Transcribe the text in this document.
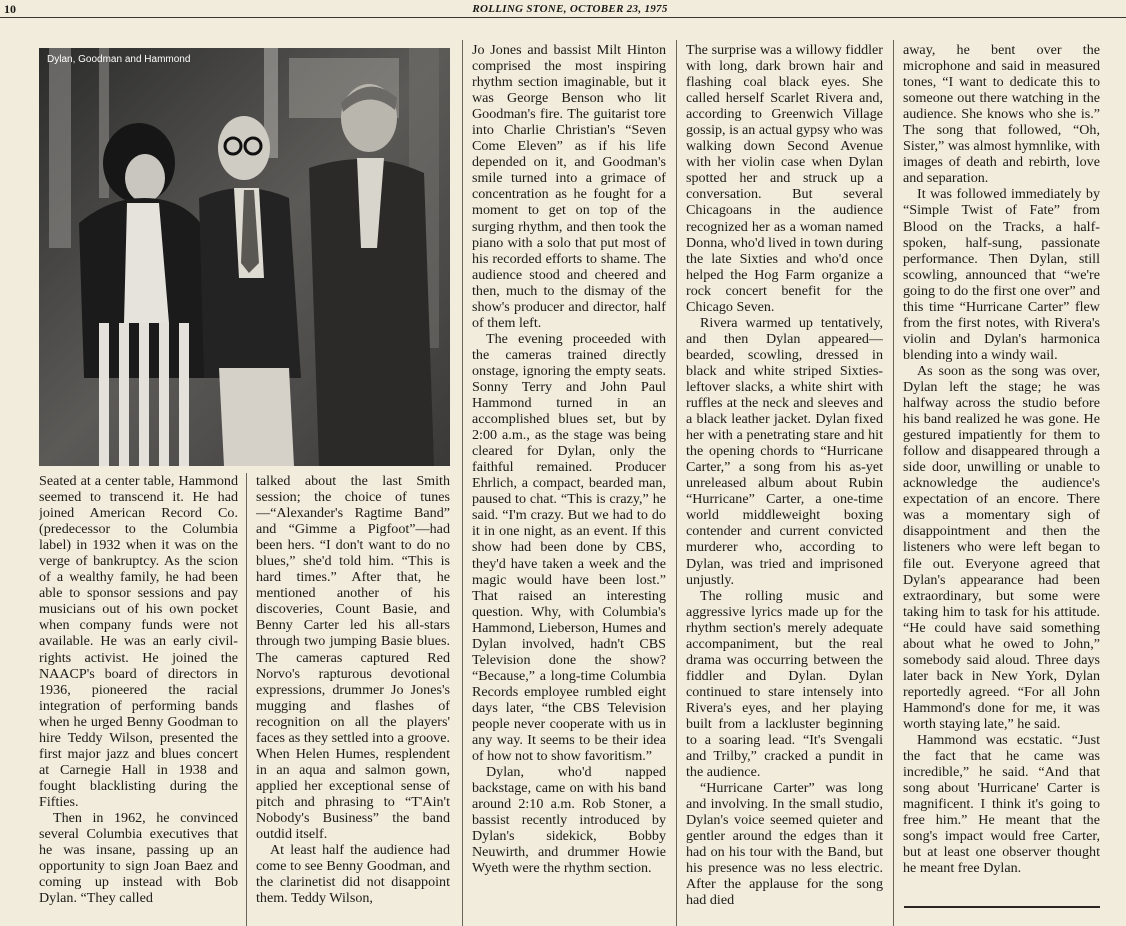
10	ROLLING STONE, OCTOBER 23, 1975
Dylan, Goodman and Hammond

Seated at a center table, Hammond seemed to transcend it. He had joined American Record Co. (predecessor to the Columbia label) in 1932 when it was on the verge of bankruptcy. As the scion of a wealthy family, he had been able to sponsor sessions and pay musicians out of his own pocket when company funds were not available. He was an early civil-rights activist. He joined the NAACP's board of directors in 1936, pioneered the racial integration of performing bands when he urged Benny Goodman to hire Teddy Wilson, presented the first major jazz and blues concert at Carnegie Hall in 1938 and fought blacklisting during the Fifties.

Then in 1962, he convinced several Columbia executives that he was insane, passing up an opportunity to sign Joan Baez and coming up instead with Bob Dylan. “They called

talked about the last Smith session; the choice of tunes—“Alexander's Ragtime Band” and “Gimme a Pigfoot”—had been hers. “I don't want to do no blues,” she'd told him. “This is hard times.” After that, he mentioned another of his discoveries, Count Basie, and Benny Carter led his all-stars through two jumping Basie blues. The cameras captured Red Norvo's rapturous devotional expressions, drummer Jo Jones's mugging and flashes of recognition on all the players' faces as they settled into a groove. When Helen Humes, resplendent in an aqua and salmon gown, applied her exceptional sense of pitch and phrasing to “T'Ain't Nobody's Business” the band outdid itself.

At least half the audience had come to see Benny Goodman, and the clarinetist did not disappoint them. Teddy Wilson,

Jo Jones and bassist Milt Hinton comprised the most inspiring rhythm section imaginable, but it was George Benson who lit Goodman's fire. The guitarist tore into Charlie Christian's “Seven Come Eleven” as if his life depended on it, and Goodman's smile turned into a grimace of concentration as he fought for a moment to get on top of the surging rhythm, and then took the piano with a solo that put most of his recorded efforts to shame. The audience stood and cheered and then, much to the dismay of the show's producer and director, half of them left.

The evening proceeded with the cameras trained directly onstage, ignoring the empty seats. Sonny Terry and John Paul Hammond turned in an accomplished blues set, but by 2:00 a.m., as the stage was being cleared for Dylan, only the faithful remained. Producer Ehrlich, a compact, bearded man, paused to chat. “This is crazy,” he said. “I'm crazy. But we had to do it in one night, as an event. If this show had been done by CBS, they'd have taken a week and the magic would have been lost.” That raised an interesting question. Why, with Columbia's Hammond, Lieberson, Humes and Dylan involved, hadn't CBS Television done the show? “Because,” a long-time Columbia Records employee rumbled eight days later, “the CBS Television people never cooperate with us in any way. It seems to be their idea of how not to show favoritism.”

Dylan, who'd napped backstage, came on with his band around 2:10 a.m. Rob Stoner, a bassist recently introduced by Dylan's sidekick, Bobby Neuwirth, and drummer Howie Wyeth were the rhythm section.

The surprise was a willowy fiddler with long, dark brown hair and flashing coal black eyes. She called herself Scarlet Rivera and, according to Greenwich Village gossip, is an actual gypsy who was walking down Second Avenue with her violin case when Dylan spotted her and struck up a conversation. But several Chicagoans in the audience recognized her as a woman named Donna, who'd lived in town during the late Sixties and who'd once helped the Hog Farm organize a rock concert benefit for the Chicago Seven.

Rivera warmed up tentatively, and then Dylan appeared—bearded, scowling, dressed in black and white striped Sixties-leftover slacks, a white shirt with ruffles at the neck and sleeves and a black leather jacket. Dylan fixed her with a penetrating stare and hit the opening chords to “Hurricane Carter,” a song from his as-yet unreleased album about Rubin “Hurricane” Carter, a one-time world middleweight boxing contender and current convicted murderer who, according to Dylan, was tried and imprisoned unjustly.

The rolling music and aggressive lyrics made up for the rhythm section's merely adequate accompaniment, but the real drama was occurring between the fiddler and Dylan. Dylan continued to stare intensely into Rivera's eyes, and her playing built from a lackluster beginning to a soaring lead. “It's Svengali and Trilby,” cracked a pundit in the audience.

“Hurricane Carter” was long and involving. In the small studio, Dylan's voice seemed quieter and gentler around the edges than it had on his tour with the Band, but his presence was no less electric. After the applause for the song had died

away, he bent over the microphone and said in measured tones, “I want to dedicate this to someone out there watching in the audience. She knows who she is.” The song that followed, “Oh, Sister,” was almost hymnlike, with images of death and rebirth, love and separation.

It was followed immediately by “Simple Twist of Fate” from Blood on the Tracks, a half-spoken, half-sung, passionate performance. Then Dylan, still scowling, announced that “we're going to do the first one over” and this time “Hurricane Carter” flew from the first notes, with Rivera's violin and Dylan's harmonica blending into a windy wail.

As soon as the song was over, Dylan left the stage; he was halfway across the studio before his band realized he was gone. He gestured impatiently for them to follow and disappeared through a side door, unwilling or unable to acknowledge the audience's expectation of an encore. There was a momentary sigh of disappointment and then the listeners who were left began to file out. Everyone agreed that Dylan's appearance had been extraordinary, but some were taking him to task for his attitude. “He could have said something about what he owed to John,” somebody said aloud. Three days later back in New York, Dylan reportedly agreed. “For all John Hammond's done for me, it was worth staying late,” he said.

Hammond was ecstatic. “Just the fact that he came was incredible,” he said. “And that song about 'Hurricane' Carter is magnificent. I think it's going to free him.” He meant that the song's impact would free Carter, but at least one observer thought he meant free Dylan.
